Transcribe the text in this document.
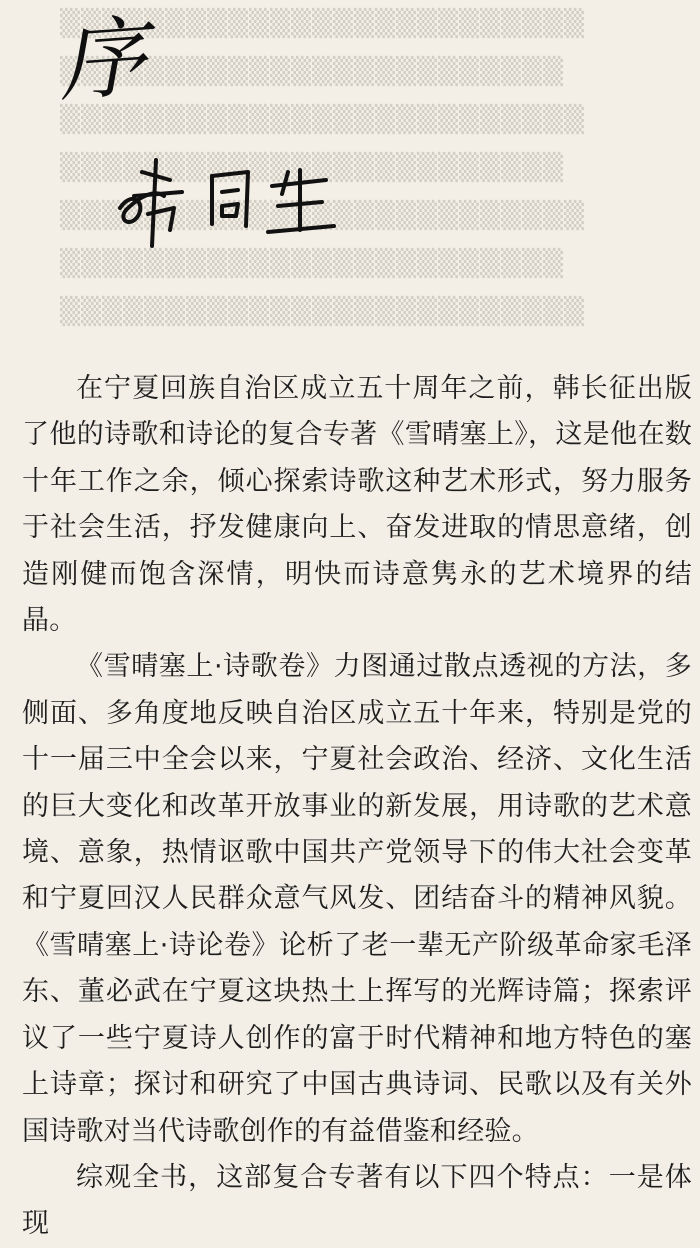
▒▒▒▒▒▒▒▒▒▒▒▒▒▒▒▒▒▒▒▒▒▒▒▒▒
▒▒▒▒▒▒▒▒▒▒▒▒▒▒▒▒▒▒▒▒▒▒▒▒
▒▒▒▒▒▒▒▒▒▒▒▒▒▒▒▒▒▒▒▒▒▒▒▒▒
▒▒▒▒▒▒▒▒▒▒▒▒▒▒▒▒▒▒▒▒▒▒▒▒
▒▒▒▒▒▒▒▒▒▒▒▒▒▒▒▒▒▒▒▒▒▒▒▒▒
▒▒▒▒▒▒▒▒▒▒▒▒▒▒▒▒▒▒▒▒▒▒▒▒
▒▒▒▒▒▒▒▒▒▒▒▒▒▒▒▒▒▒▒▒▒▒▒▒▒
序

在宁夏回族自治区成立五十周年之前，韩长征出版了他的诗歌和诗论的复合专著《雪晴塞上》，这是他在数十年工作之余，倾心探索诗歌这种艺术形式，努力服务于社会生活，抒发健康向上、奋发进取的情思意绪，创造刚健而饱含深情，明快而诗意隽永的艺术境界的结晶。

《雪晴塞上·诗歌卷》力图通过散点透视的方法，多侧面、多角度地反映自治区成立五十年来，特别是党的十一届三中全会以来，宁夏社会政治、经济、文化生活的巨大变化和改革开放事业的新发展，用诗歌的艺术意境、意象，热情讴歌中国共产党领导下的伟大社会变革和宁夏回汉人民群众意气风发、团结奋斗的精神风貌。《雪晴塞上·诗论卷》论析了老一辈无产阶级革命家毛泽东、董必武在宁夏这块热土上挥写的光辉诗篇；探索评议了一些宁夏诗人创作的富于时代精神和地方特色的塞上诗章；探讨和研究了中国古典诗词、民歌以及有关外国诗歌对当代诗歌创作的有益借鉴和经验。

综观全书，这部复合专著有以下四个特点：一是体现
